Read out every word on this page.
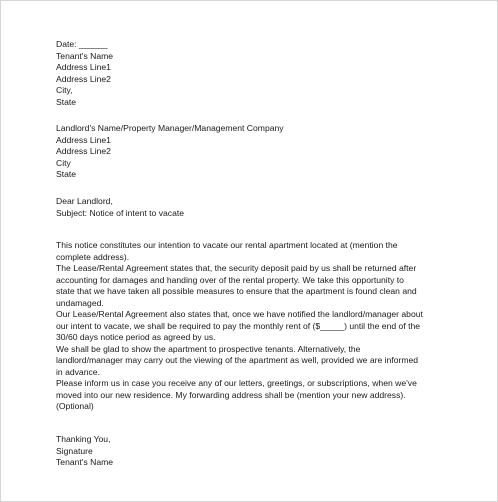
Date: ______
Tenant's Name
Address Line1
Address Line2
City,
State
Landlord's Name/Property Manager/Management Company
Address Line1
Address Line2
City
State
Dear Landlord,
Subject: Notice of intent to vacate
This notice constitutes our intention to vacate our rental apartment located at (mention the
complete address).
The Lease/Rental Agreement states that, the security deposit paid by us shall be returned after
accounting for damages and handing over of the rental property. We take this opportunity to
state that we have taken all possible measures to ensure that the apartment is found clean and
undamaged.
Our Lease/Rental Agreement also states that, once we have notified the landlord/manager about
our intent to vacate, we shall be required to pay the monthly rent of ($_____) until the end of the
30/60 days notice period as agreed by us.
We shall be glad to show the apartment to prospective tenants. Alternatively, the
landlord/manager may carry out the viewing of the apartment as well, provided we are informed
in advance.
Please inform us in case you receive any of our letters, greetings, or subscriptions, when we've
moved into our new residence. My forwarding address shall be (mention your new address).
(Optional)
Thanking You,
Signature
Tenant's Name
